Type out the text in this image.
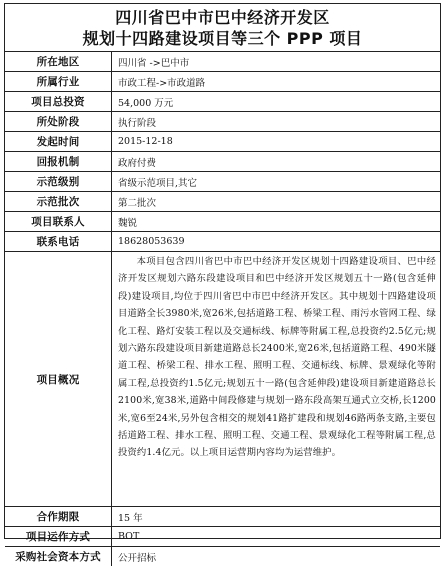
四川省巴中市巴中经济开发区
规划十四路建设项目等三个 PPP 项目
所在地区	四川省 ->巴中市
所属行业	市政工程->市政道路
项目总投资	54,000 万元
所处阶段	执行阶段
发起时间	2015-12-18
回报机制	政府付费
示范级别	省级示范项目,其它
示范批次	第二批次
项目联系人	魏锐
联系电话	18628053639
项目概况	本项目包含四川省巴中市巴中经济开发区规划十四路建设项目、巴中经济开发区规划六路东段建设项目和巴中经济开发区规划五十一路(包含延伸段)建设项目,均位于四川省巴中市巴中经济开发区。其中规划十四路建设项目道路全长3980米,宽26米,包括道路工程、桥梁工程、雨污水管网工程、绿化工程、路灯安装工程以及交通标线、标牌等附属工程,总投资约2.5亿元;规划六路东段建设项目新建道路总长2400米,宽26米,包括道路工程、490米隧道工程、桥梁工程、排水工程、照明工程、交通标线、标牌、景观绿化等附属工程,总投资约1.5亿元;规划五十一路(包含延伸段)建设项目新建道路总长2100米,宽38米,道路中间段修建与规划一路东段高架互通式立交桥,长1200米,宽6至24米,另外包含相交的规划41路扩建段和规划46路两条支路,主要包括道路工程、排水工程、照明工程、交通工程、景观绿化工程等附属工程,总投资约1.4亿元。以上项目运营期内容均为运营维护。
合作期限	15 年
项目运作方式	BOT
采购社会资本方式	公开招标
